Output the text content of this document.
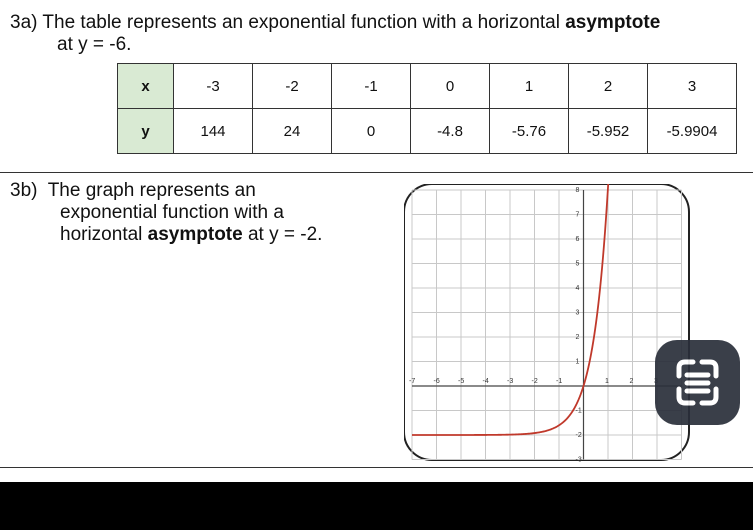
3a) The table represents an exponential function with a horizontal asymptote
at y = -6.
x	-3	-2	-1	0	1	2	3
y	144	24	0	-4.8	-5.76	-5.952	-5.9904
3b) The graph represents an
exponential function with a
horizontal asymptote at y = -2.
-7	-6	-5	-4	-3	-2	-1	1	2
8
7
6
5
4
3
2
1
-1
-2
-3
